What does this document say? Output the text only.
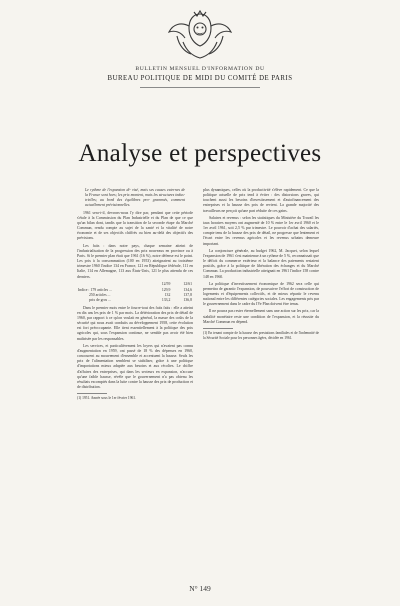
BULLETIN MENSUEL D'INFORMATION DU
BUREAU POLITIQUE DE MIDI DU COMITÉ DE PARIS
Analyse et perspectives

Le rythme de l'expansion di- visé, mais ses causes externes de la France sont hors; les prix montent, mais les structures indus- trielles; au bord des équilibres pro- grammés, comment actuellement prévisionnelles.

1961 sera-t-il, devrons-nous l'y dire par, pendant que cette période s'étale à la Commission du Plan Industrielle et du Plan de que ce que qu'un bilan dont, tandis que la transition de la seconde étape du Marché Commun, rendu compte au sujet de la santé et la vitalité de notre économie et de ses objectifs chiffrés ou bien au-delà des objectifs des prévisions.

Les faits : dans notre pays, chaque semaine atteint de l'industrialisation de la progression des prix nouveaux en province ou à Paris. Si le premier plan était que 1961 (16 %), notre défense est le point. Les prix à la consommation (100 en 1953) atteignaient au troisième trimestre 1960 l'indice 134 en France, 121 en République fédérale, 111 en Italie, 114 en Allemagne, 113 aux États-Unis, 121 le plus attendu de ces derniers.

	12/59	12/61
Indice : 179 articles ...	129,9	134,6
250 articles ...	132	137,8
prix de gros ...	133,2	136,8

Dans le premier mois entre le fourre-tout des faits faits : elle a atteint en dix ans les prix de 1 % par mois. La détérioration des prix de détail de 1960, par rapport à ce qu'on voulait en général, la masse des coûts de la sécurité qui nous avait conduits au développement 1958, cette évolution est fort préoccupante. Elle tient essentiellement à la politique des prix agricoles qui, sous l'expansion continue, ne semble pas avoir été bien maîtrisée par les responsables.

Les services, et particulièrement les loyers qui n'avaient pas connu d'augmentation en 1959, ont passé de 18 % des dépenses en 1960, concourent au mouvement d'ensemble et accentuent la hausse. Seuls les prix de l'alimentation semblent se stabiliser, grâce à une politique d'importations mieux adaptée aux besoins et aux récoltes. Le chiffre d'affaires des entreprises, qui dans les secteurs en expansion, n'accuse qu'une faible hausse, révèle que le gouvernement n'a pas obtenu les résultats escomptés dans la lutte contre la hausse des prix de production et de distribution.

(1) 1951. Année sous le 1er février 1961.

plus dynamiques, celles où la productivité s'élève rapidement. Ce que la politique actuelle de prix tend à éviter : des distorsions graves, qui touchent aussi les besoins d'investissement et d'autofinancement des entreprises et la hausse des prix de revient. La grande majorité des travailleurs ne perçoit qu'une part réduite de ces gains.

Salaires et revenus : selon les statistiques du Ministère du Travail les taux horaires moyens ont augmenté de 10 % entre le 1er avril 1960 et le 1er avril 1961, soit 2,5 % par trimestre. Le pouvoir d'achat des salariés, compte tenu de la hausse des prix de détail, ne progresse que lentement et l'écart entre les revenus agricoles et les revenus urbains demeure important.

La conjoncture générale, au budget 1962, M. Jacquet, selon lequel l'expansion de 1961 s'est maintenue à un rythme de 5 %, reconnaissait que le déficit du commerce extérieur et la balance des paiements restaient positifs, grâce à la politique de libération des échanges et du Marché Commun. La production industrielle atteignait en 1961 l'indice 158 contre 148 en 1960.

La politique d'investissement économique de 1962 sera celle qui permettra de garantir l'expansion, de poursuivre l'effort de construction de logements et d'équipements collectifs, et de mieux répartir le revenu national entre les différentes catégories sociales. Les engagements pris par le gouvernement dans le cadre du IVe Plan doivent être tenus.

Il ne pourra pas rester éternellement sans une action sur les prix, car la stabilité monétaire reste une condition de l'expansion, et la réussite du Marché Commun en dépend.

(1) En tenant compte de la hausse des prestations familiales et de l'indemnité de la Sécurité Sociale pour les personnes âgées, décidée en 1961.

N° 149
